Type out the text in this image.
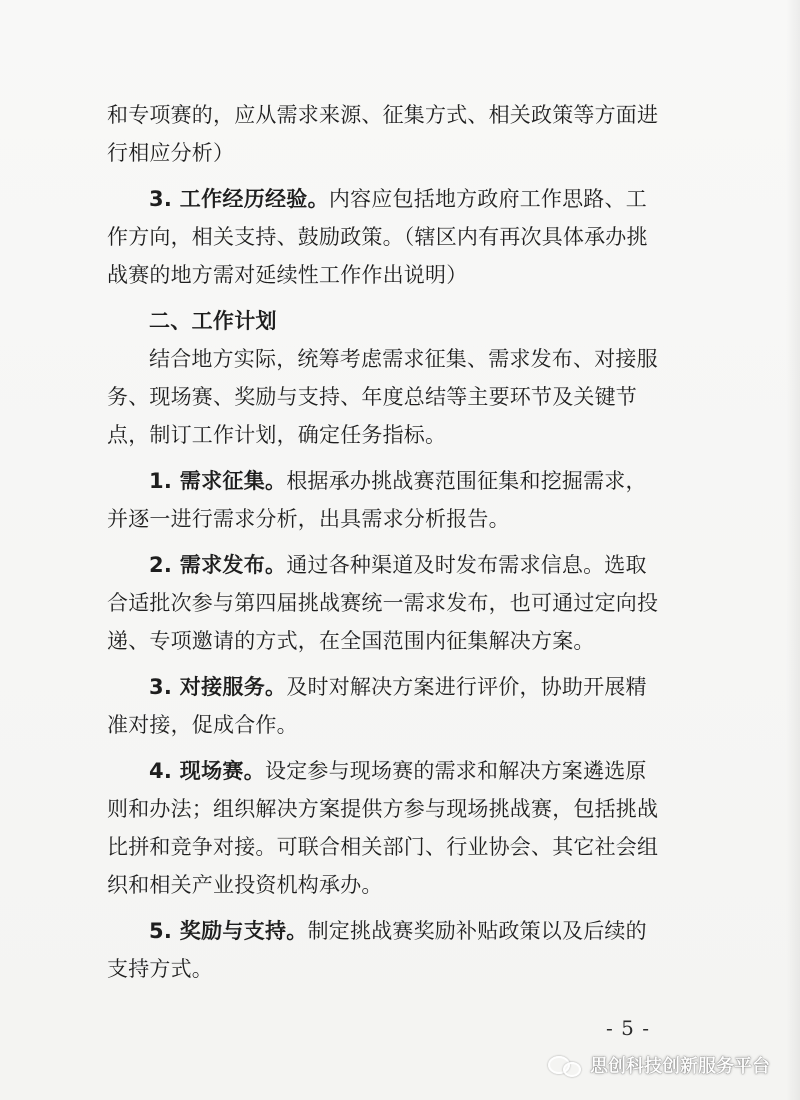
和专项赛的，应从需求来源、征集方式、相关政策等方面进行相应分析）

3. 工作经历经验。内容应包括地方政府工作思路、工作方向，相关支持、鼓励政策。（辖区内有再次具体承办挑战赛的地方需对延续性工作作出说明）

二、工作计划

结合地方实际，统筹考虑需求征集、需求发布、对接服务、现场赛、奖励与支持、年度总结等主要环节及关键节点，制订工作计划，确定任务指标。

1. 需求征集。根据承办挑战赛范围征集和挖掘需求，并逐一进行需求分析，出具需求分析报告。

2. 需求发布。通过各种渠道及时发布需求信息。选取合适批次参与第四届挑战赛统一需求发布，也可通过定向投递、专项邀请的方式，在全国范围内征集解决方案。

3. 对接服务。及时对解决方案进行评价，协助开展精准对接，促成合作。

4. 现场赛。设定参与现场赛的需求和解决方案遴选原则和办法；组织解决方案提供方参与现场挑战赛，包括挑战比拼和竞争对接。可联合相关部门、行业协会、其它社会组织和相关产业投资机构承办。

5. 奖励与支持。制定挑战赛奖励补贴政策以及后续的支持方式。

- 5 -
思创科技创新服务平台
